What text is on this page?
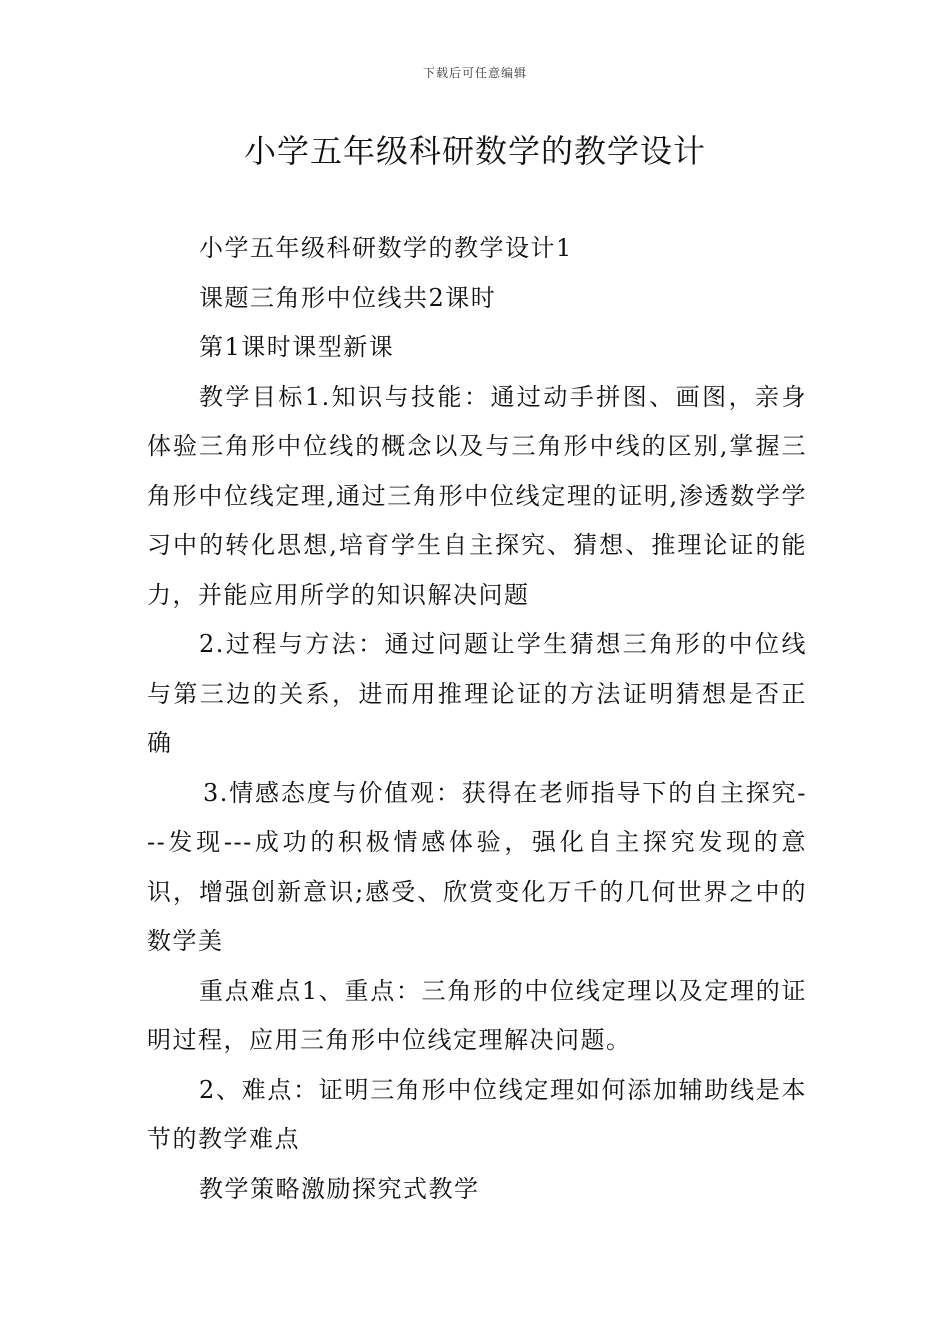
下载后可任意编辑
小学五年级科研数学的教学设计

小学五年级科研数学的教学设计1

课题三角形中位线共2课时

第1课时课型新课

教学目标1.知识与技能：通过动手拼图、画图，亲身体验三角形中位线的概念以及与三角形中线的区别,掌握三角形中位线定理,通过三角形中位线定理的证明,渗透数学学习中的转化思想,培育学生自主探究、猜想、推理论证的能力，并能应用所学的知识解决问题

2.过程与方法：通过问题让学生猜想三角形的中位线与第三边的关系，进而用推理论证的方法证明猜想是否正确

3.情感态度与价值观：获得在老师指导下的自主探究---发现---成功的积极情感体验，强化自主探究发现的意识，增强创新意识;感受、欣赏变化万千的几何世界之中的数学美

重点难点1、重点：三角形的中位线定理以及定理的证明过程，应用三角形中位线定理解决问题。

2、难点：证明三角形中位线定理如何添加辅助线是本节的教学难点

教学策略激励探究式教学
